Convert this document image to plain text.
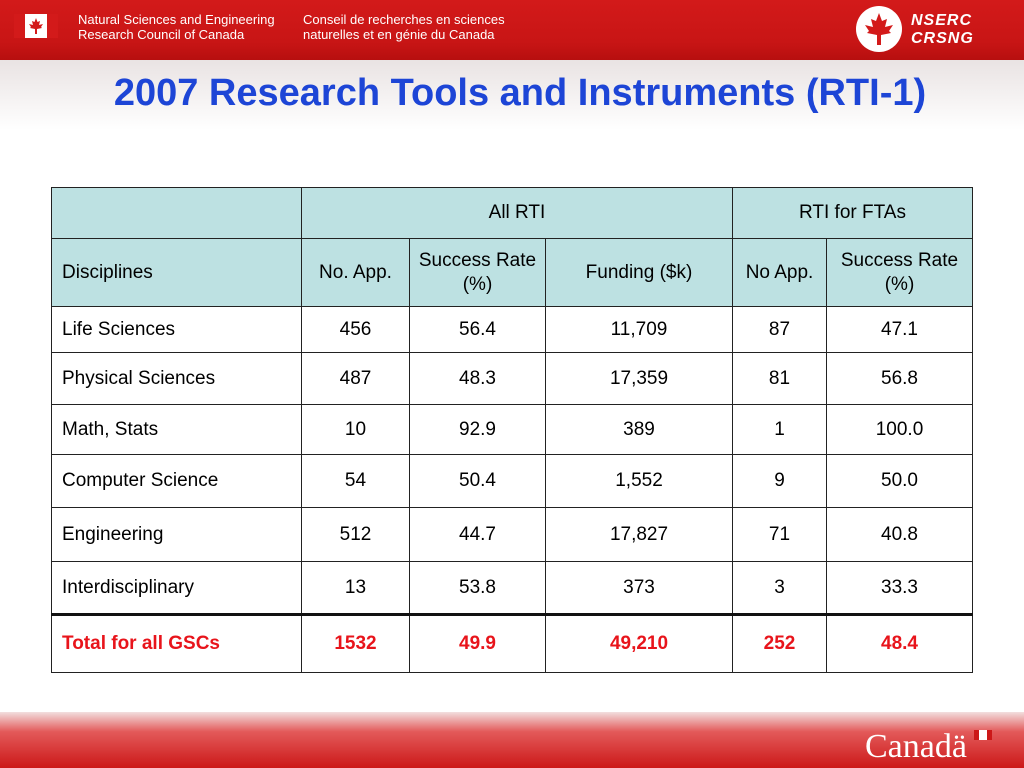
Natural Sciences and Engineering
Research Council of Canada
Conseil de recherches en sciences
naturelles et en génie du Canada
NSERC
CRSNG
2007 Research Tools and Instruments (RTI-1)
	All RTI			RTI for FTAs	
Disciplines	No. App.	Success Rate (%)	Funding ($k)	No App.	Success Rate (%)
Life Sciences	456	56.4	11,709	87	47.1
Physical Sciences	487	48.3	17,359	81	56.8
Math, Stats	10	92.9	389	1	100.0
Computer Science	54	50.4	1,552	9	50.0
Engineering	512	44.7	17,827	71	40.8
Interdisciplinary	13	53.8	373	3	33.3
Total for all GSCs	1532	49.9	49,210	252	48.4
Canadä
